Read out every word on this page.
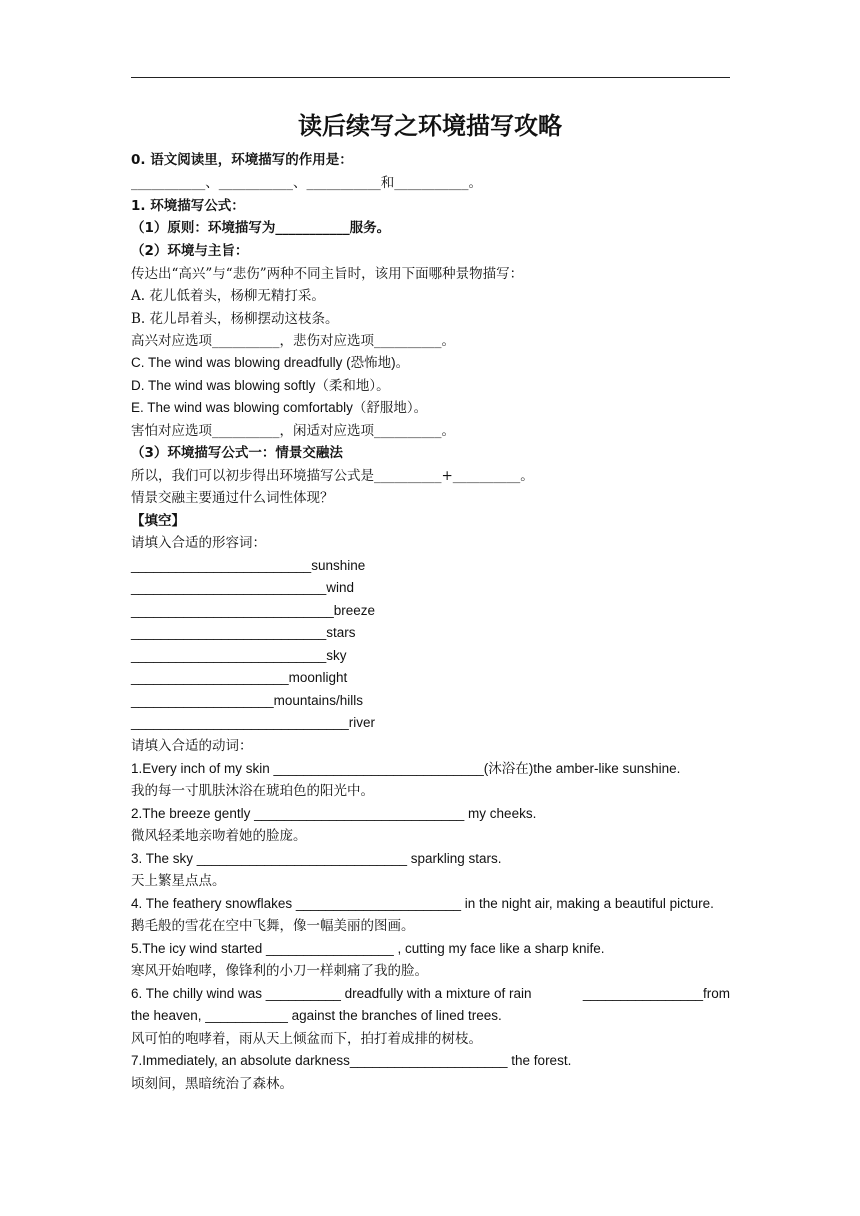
读后续写之环境描写攻略
0. 语文阅读里，环境描写的作用是：
___________、___________、___________和___________。
1. 环境描写公式：
（1）原则：环境描写为___________服务。
（2）环境与主旨：
传达出“高兴”与“悲伤”两种不同主旨时，该用下面哪种景物描写：
A. 花儿低着头，杨柳无精打采。
B. 花儿昂着头，杨柳摆动这枝条。
高兴对应选项__________，悲伤对应选项__________。
C. The wind was blowing dreadfully (恐怖地)。
D. The wind was blowing softly（柔和地）。
E. The wind was blowing comfortably（舒服地）。
害怕对应选项__________，闲适对应选项__________。
（3）环境描写公式一：情景交融法
所以，我们可以初步得出环境描写公式是__________+__________。
情景交融主要通过什么词性体现？
【填空】
请填入合适的形容词：
________________________sunshine
__________________________wind
___________________________breeze
__________________________stars
__________________________sky
_____________________moonlight
___________________mountains/hills
_____________________________river
请填入合适的动词：
1.Every inch of my skin ____________________________(沐浴在)the amber-like sunshine.
我的每一寸肌肤沐浴在琥珀色的阳光中。
2.The breeze gently ____________________________ my cheeks.
微风轻柔地亲吻着她的脸庞。
3. The sky ____________________________ sparkling stars.
天上繁星点点。
4. The feathery snowflakes ______________________ in the night air, making a beautiful picture.
鹅毛般的雪花在空中飞舞，像一幅美丽的图画。
5.The icy wind started _________________ , cutting my face like a sharp knife.
寒风开始咆哮，像锋利的小刀一样刺痛了我的脸。
6. The chilly wind was __________ dreadfully with a mixture of rain	________________from
the heaven, ___________ against the branches of lined trees.
风可怕的咆哮着，雨从天上倾盆而下，拍打着成排的树枝。
7.Immediately, an absolute darkness_____________________ the forest.
顷刻间，黑暗统治了森林。
